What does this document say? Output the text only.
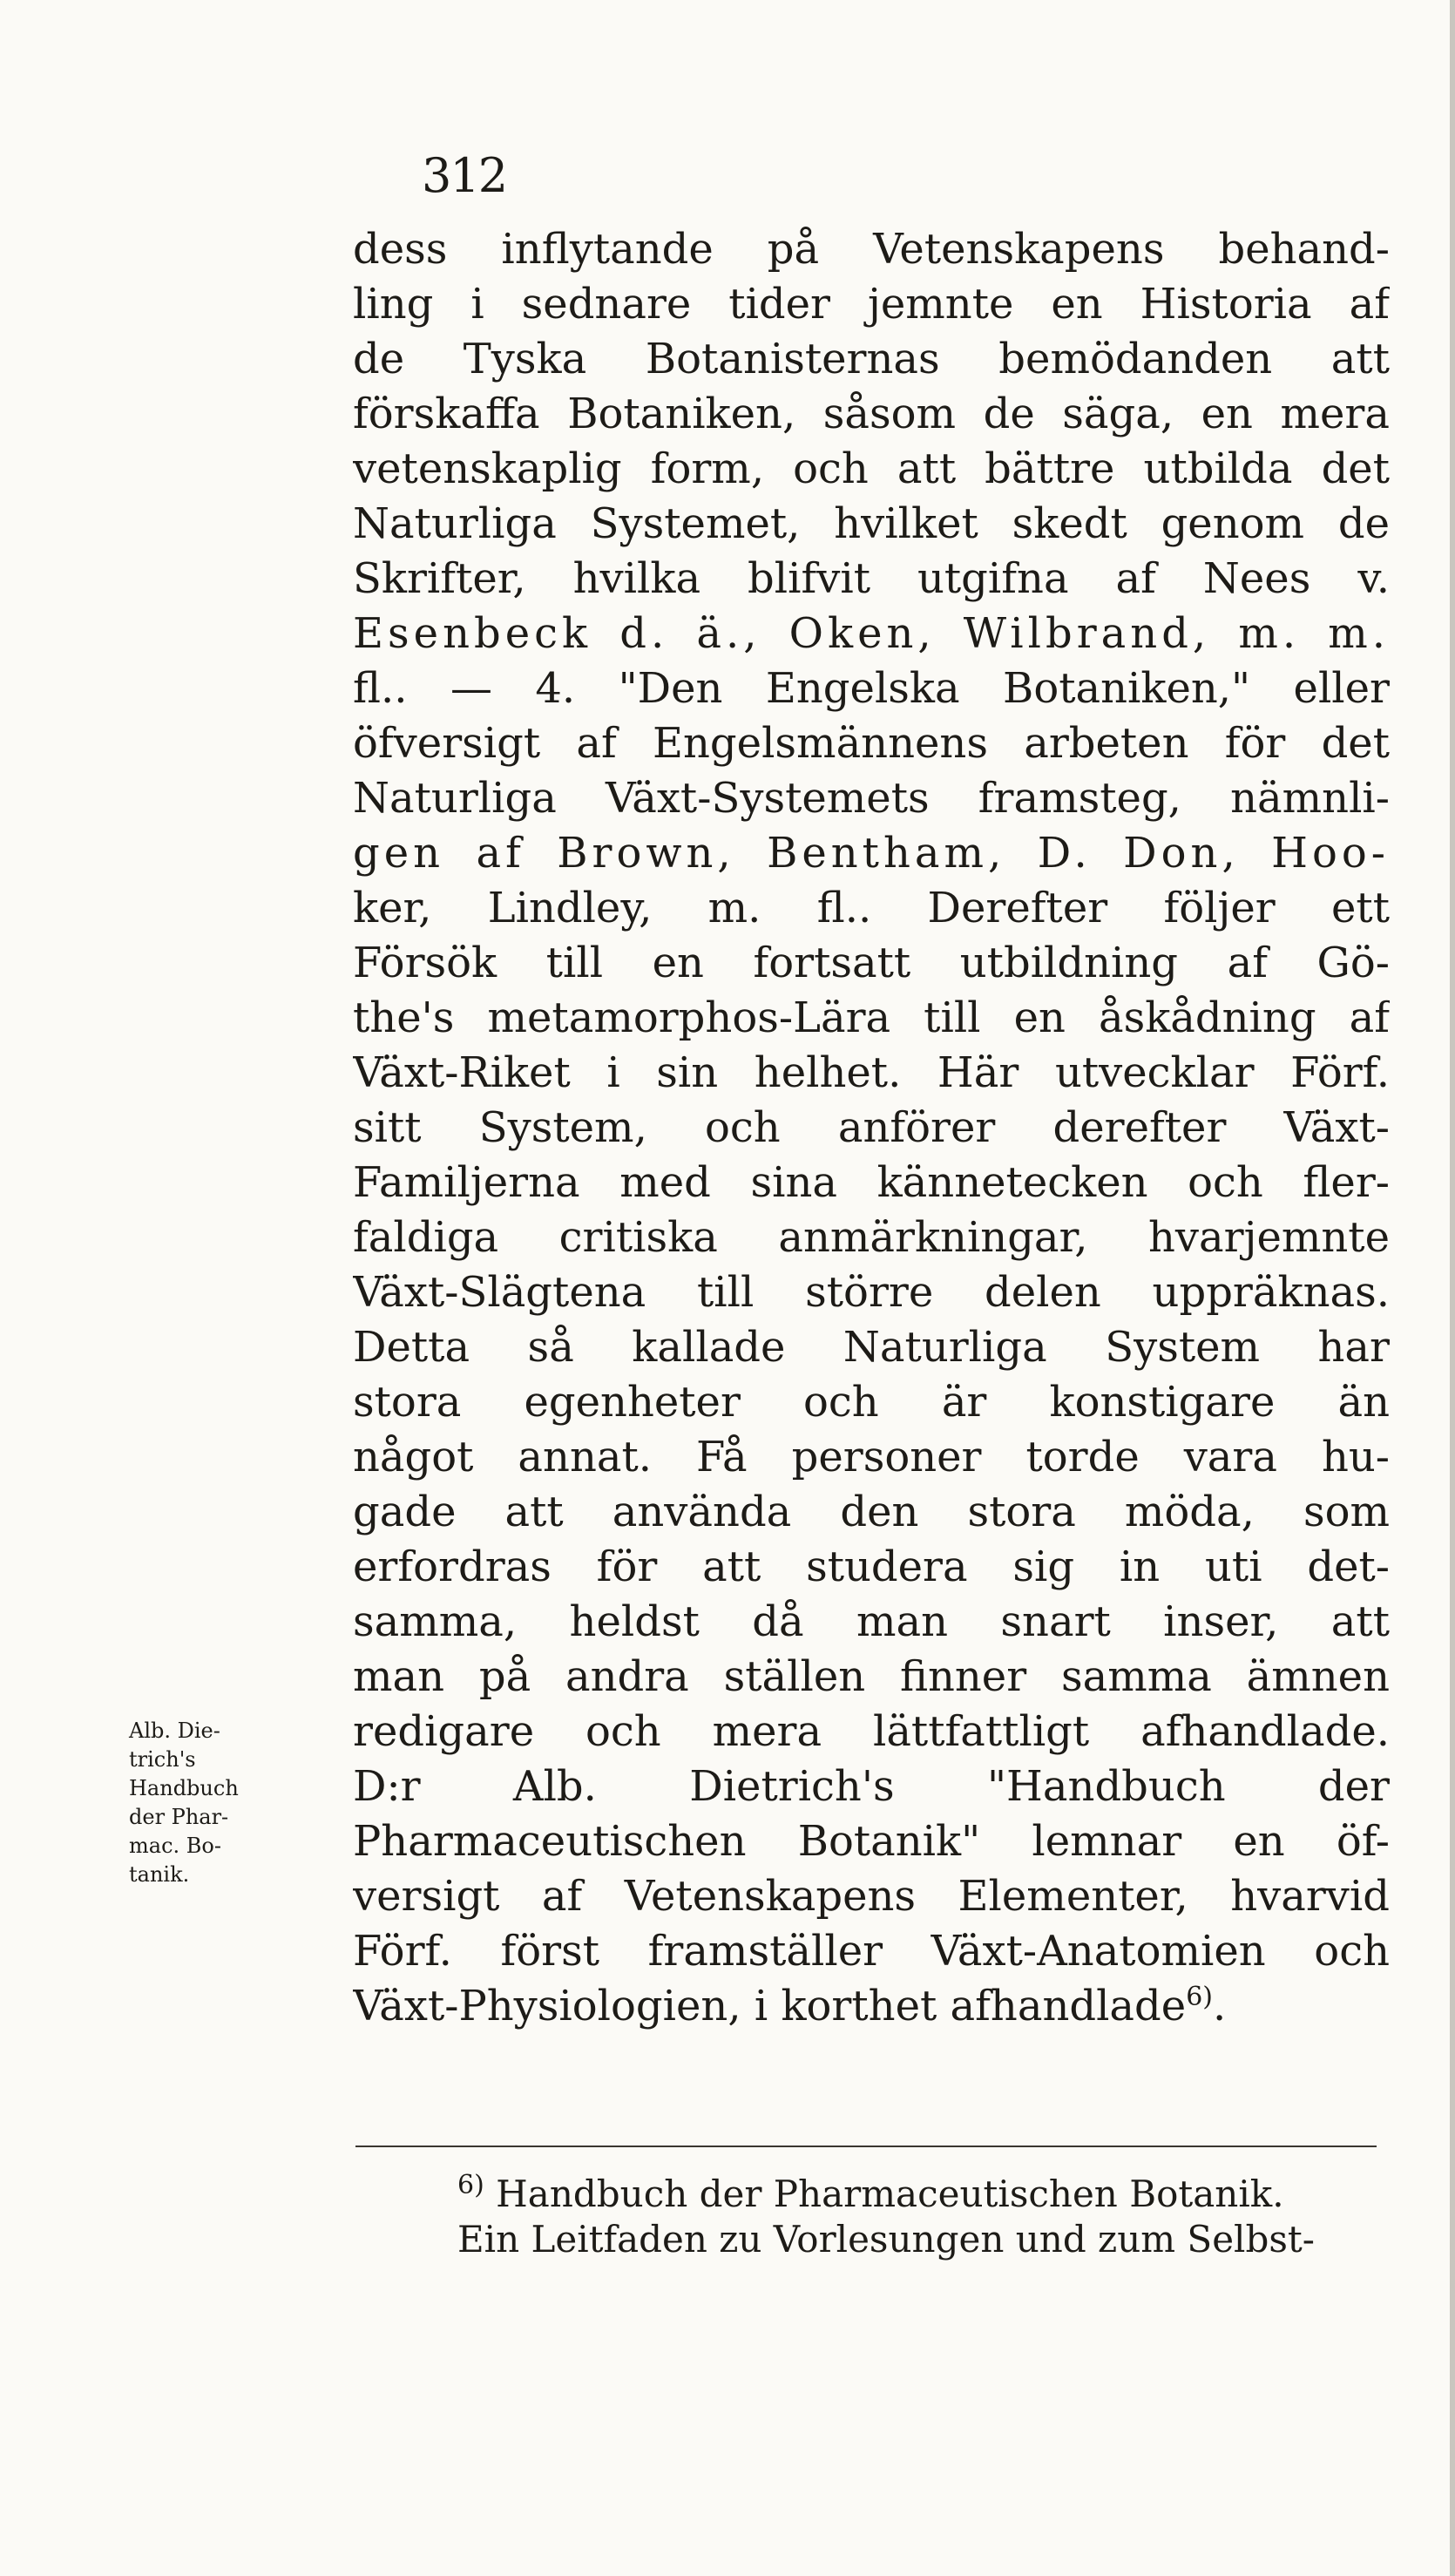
312
dess inflytande på Vetenskapens behand-
ling i sednare tider jemnte en Historia af
de Tyska Botanisternas bemödanden att
förskaffa Botaniken, såsom de säga, en mera
vetenskaplig form, och att bättre utbilda det
Naturliga Systemet, hvilket skedt genom de
Skrifter, hvilka blifvit utgifna af Nees v.
Esenbeck d. ä., Oken, Wilbrand, m. m.
fl.. — 4. "Den Engelska Botaniken," eller
öfversigt af Engelsmännens arbeten för det
Naturliga Växt-Systemets framsteg, nämnli-
gen af Brown, Bentham, D. Don, Hoo-
ker, Lindley, m. fl.. Derefter följer ett
Försök till en fortsatt utbildning af Gö-
the's metamorphos-Lära till en åskådning af
Växt-Riket i sin helhet. Här utvecklar Förf.
sitt System, och anförer derefter Växt-
Familjerna med sina kännetecken och fler-
faldiga critiska anmärkningar, hvarjemnte
Växt-Slägtena till större delen uppräknas.
Detta så kallade Naturliga System har
stora egenheter och är konstigare än
något annat. Få personer torde vara hu-
gade att använda den stora möda, som
erfordras för att studera sig in uti det-
samma, heldst då man snart inser, att
man på andra ställen finner samma ämnen
redigare och mera lättfattligt afhandlade.
D:r Alb. Dietrich's "Handbuch der
Pharmaceutischen Botanik" lemnar en öf-
versigt af Vetenskapens Elementer, hvarvid
Förf. först framställer Växt-Anatomien och
Växt-Physiologien, i korthet afhandlade$^{6)}$.
Alb. Die-
trich's
Handbuch
der Phar-
mac. Bo-
tanik.
$^{6)}$ Handbuch der Pharmaceutischen Botanik.
Ein Leitfaden zu Vorlesungen und zum Selbst-
